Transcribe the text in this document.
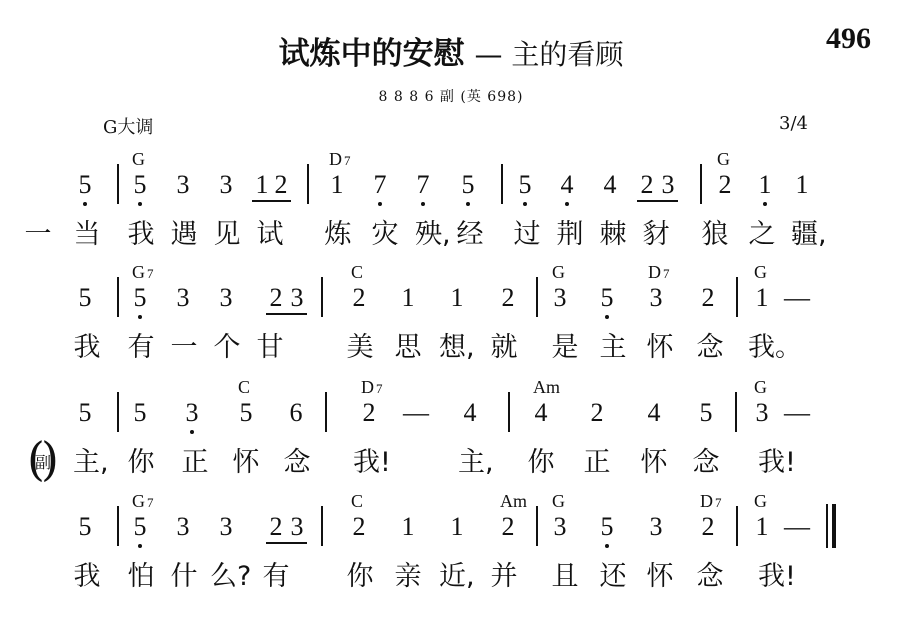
试炼中的安慰 — 主的看顾	496
8 8 8 6 副 (英 698)
G大调	3/4
( 副 )
5 5
G
3 3 1 2 1
D 7
7 7 5 5 4 4 2 3 2
G
1 1
一 当 我 遇 见 试 炼 灾 殃, 经 过 荆 棘 豺 狼 之 疆,
5 5
G 7
3 3 2 3 2
C
1 1 2 3
G
5 3
D 7
2 1
G
—
我 有 一 个 甘 美 思 想, 就 是 主 怀 念 我。
5 5 3 5
C
6 2
D 7
— 4 4
Am
2 4 5 3
G
—
主, 你 正 怀 念 我! 主, 你 正 怀 念 我!
5 5
G 7
3 3 2 3 2
C
1 1 2
Am
3
G
5 3 2
D 7
1
G
—
我 怕 什 么? 有 你 亲 近, 并 且 还 怀 念 我!
